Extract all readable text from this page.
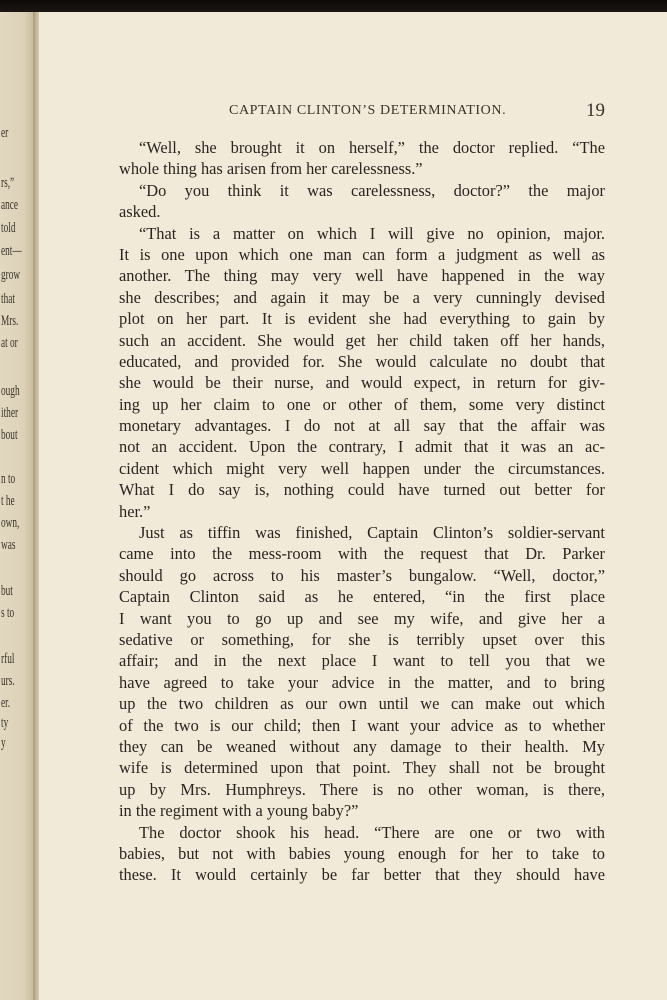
er
rs,”
ance
told
ent—
grow
that
Mrs.
at or
ough
ither
bout
n to
t he
own,
was
but
s to
rful
urs.
er.
ty
y
CAPTAIN CLINTON’S DETERMINATION.	19
“Well, she brought it on herself,” the doctor replied. “The
whole thing has arisen from her carelessness.”
“Do you think it was carelessness, doctor?” the major
asked.
“That is a matter on which I will give no opinion, major.
It is one upon which one man can form a judgment as well as
another. The thing may very well have happened in the way
she describes; and again it may be a very cunningly devised
plot on her part. It is evident she had everything to gain by
such an accident. She would get her child taken off her hands,
educated, and provided for. She would calculate no doubt that
she would be their nurse, and would expect, in return for giv-
ing up her claim to one or other of them, some very distinct
monetary advantages. I do not at all say that the affair was
not an accident. Upon the contrary, I admit that it was an ac-
cident which might very well happen under the circumstances.
What I do say is, nothing could have turned out better for
her.”
Just as tiffin was finished, Captain Clinton’s soldier-servant
came into the mess-room with the request that Dr. Parker
should go across to his master’s bungalow. “Well, doctor,”
Captain Clinton said as he entered, “in the first place
I want you to go up and see my wife, and give her a
sedative or something, for she is terribly upset over this
affair; and in the next place I want to tell you that we
have agreed to take your advice in the matter, and to bring
up the two children as our own until we can make out which
of the two is our child; then I want your advice as to whether
they can be weaned without any damage to their health. My
wife is determined upon that point. They shall not be brought
up by Mrs. Humphreys. There is no other woman, is there,
in the regiment with a young baby?”
The doctor shook his head. “There are one or two with
babies, but not with babies young enough for her to take to
these. It would certainly be far better that they should have
